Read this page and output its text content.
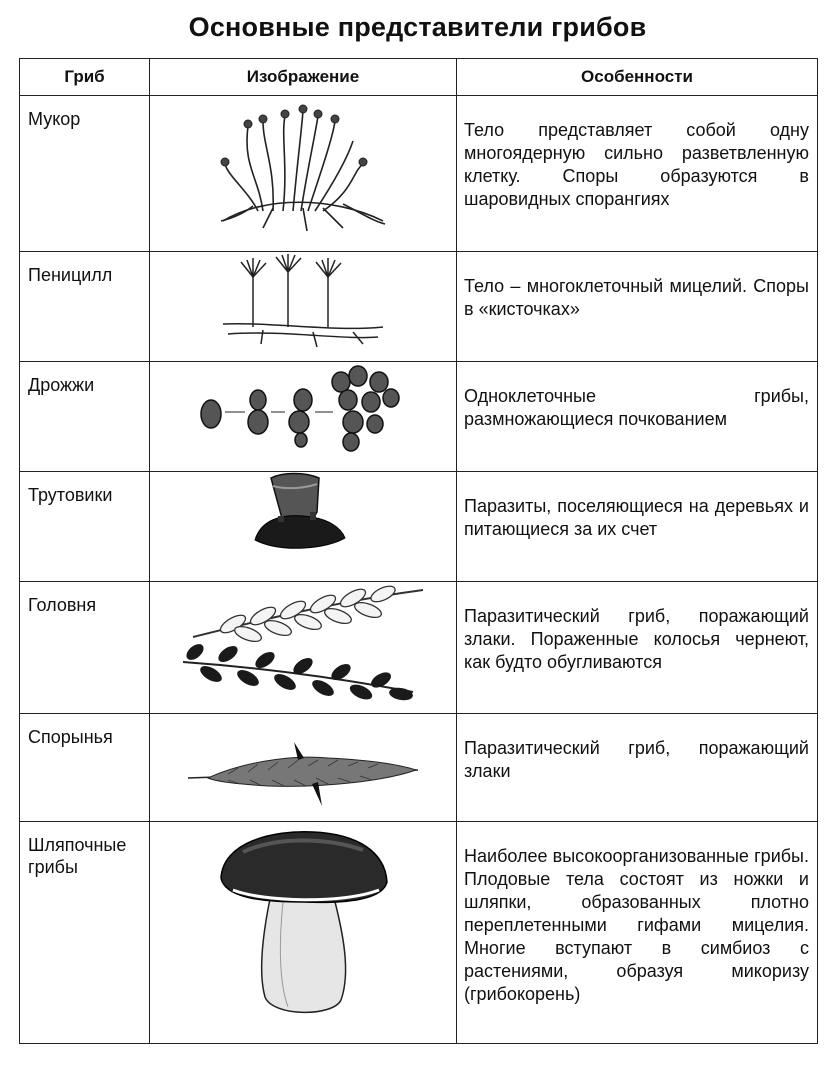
Основные представители грибов
Гриб	Изображение	Особенности
Мукор		Тело представляет собой одну многоядерную сильно разветвленную клетку. Споры образуются в шаровидных спорангиях
Пеницилл		Тело – многоклеточный мицелий. Споры в «кисточках»
Дрожжи		Одноклеточные грибы, размножающиеся почкованием
Трутовики		Паразиты, поселяющиеся на деревьях и питающиеся за их счет
Головня		Паразитический гриб, поражающий злаки. Пораженные колосья чернеют, как будто обугливаются
Спорынья		Паразитический гриб, поражающий злаки
Шляпочные грибы		Наиболее высокоорганизованные грибы. Плодовые тела состоят из ножки и шляпки, образованных плотно переплетенными гифами мицелия. Многие вступают в симбиоз с растениями, образуя микоризу (грибокорень)
